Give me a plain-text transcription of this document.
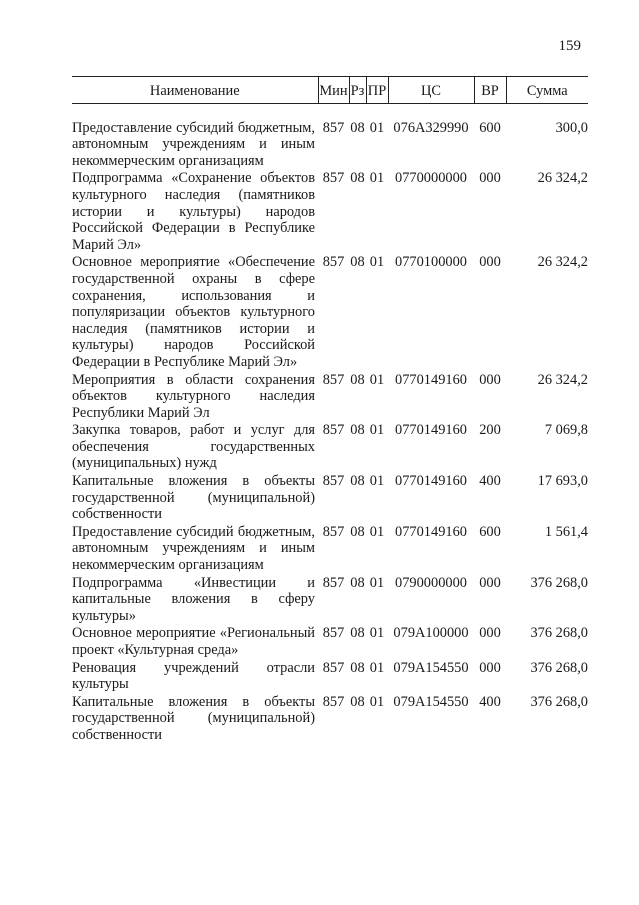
159
Наименование	Мин	Рз	ПР	ЦС	ВР	Сумма

Предоставление субсидий бюджетным, автономным учреждениям и иным некоммерческим организациям	857	08	01	076А329990	600	300,0
Подпрограмма «Сохранение объектов культурного наследия (памятников истории и культуры) народов Российской Федерации в Республике Марий Эл»	857	08	01	0770000000	000	26 324,2
Основное мероприятие «Обеспечение государственной охраны в сфере сохранения, использования и популяризации объектов культурного наследия (памятников истории и культуры) народов Российской Федерации в Республике Марий Эл»	857	08	01	0770100000	000	26 324,2
Мероприятия в области сохранения объектов культурного наследия Республики Марий Эл	857	08	01	0770149160	000	26 324,2
Закупка товаров, работ и услуг для обеспечения государственных (муниципальных) нужд	857	08	01	0770149160	200	7 069,8
Капитальные вложения в объекты государственной (муниципальной) собственности	857	08	01	0770149160	400	17 693,0
Предоставление субсидий бюджетным, автономным учреждениям и иным некоммерческим организациям	857	08	01	0770149160	600	1 561,4
Подпрограмма «Инвестиции и капитальные вложения в сферу культуры»	857	08	01	0790000000	000	376 268,0
Основное мероприятие «Региональный проект «Культурная среда»	857	08	01	079А100000	000	376 268,0
Реновация учреждений отрасли культуры	857	08	01	079А154550	000	376 268,0
Капитальные вложения в объекты государственной (муниципальной) собственности	857	08	01	079А154550	400	376 268,0
